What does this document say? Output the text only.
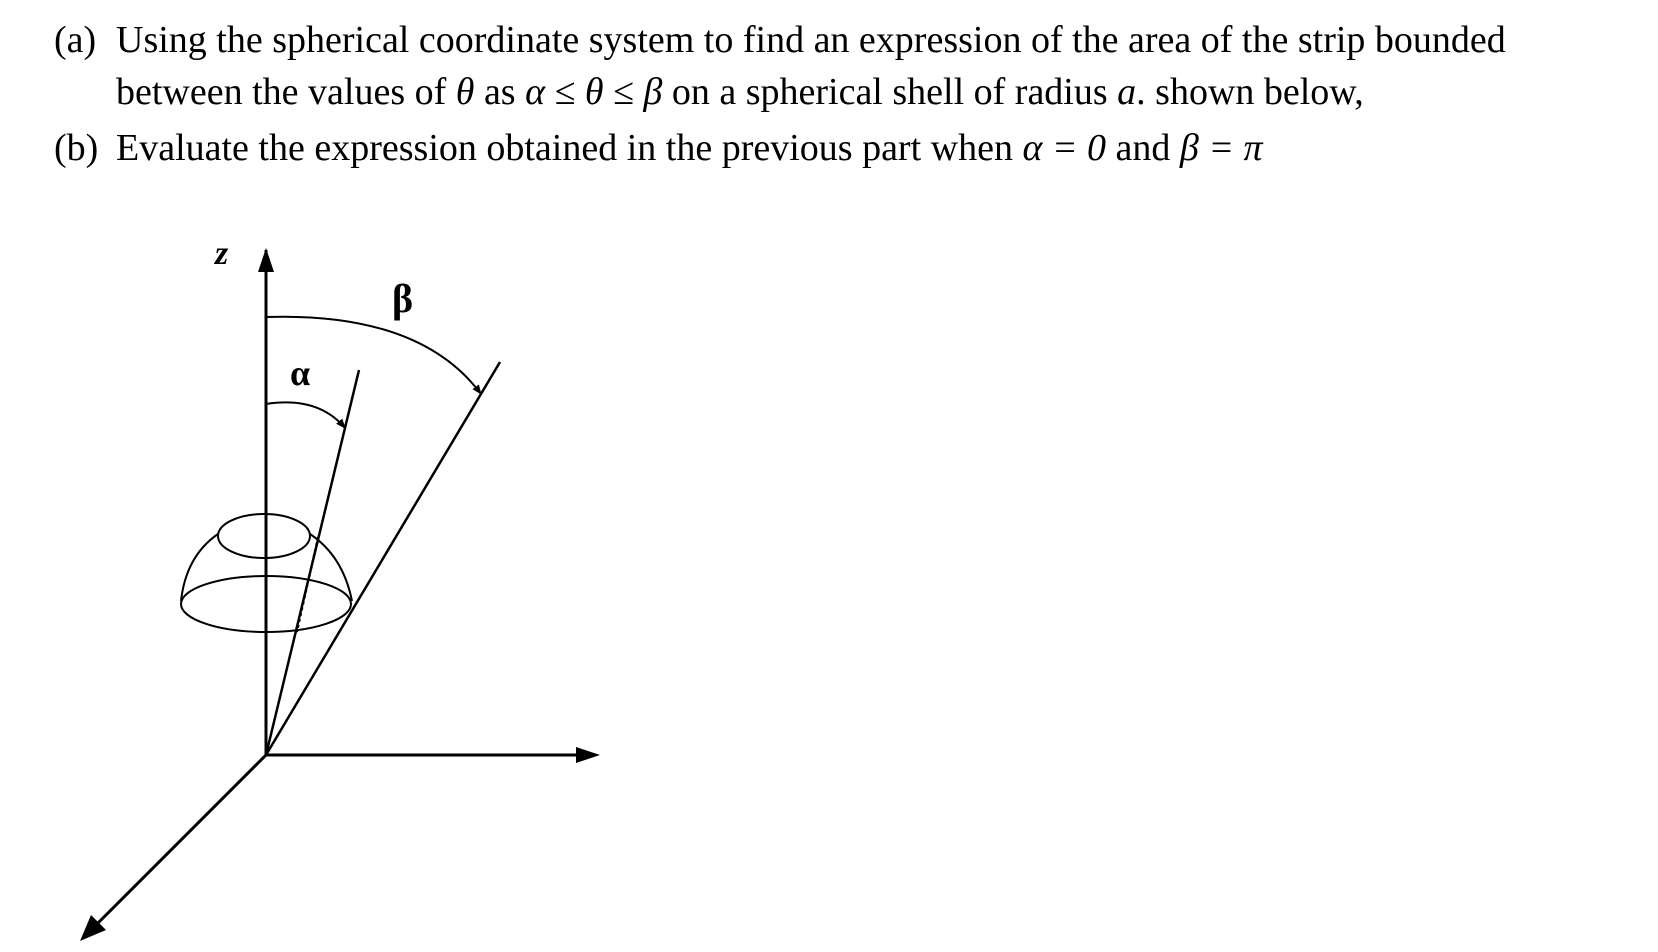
(a) Using the spherical coordinate system to find an expression of the area of the strip bounded
between the values of θ as α ≤ θ ≤ β on a spherical shell of radius a. shown below,
(b) Evaluate the expression obtained in the previous part when α = 0 and β = π
z
α
β
